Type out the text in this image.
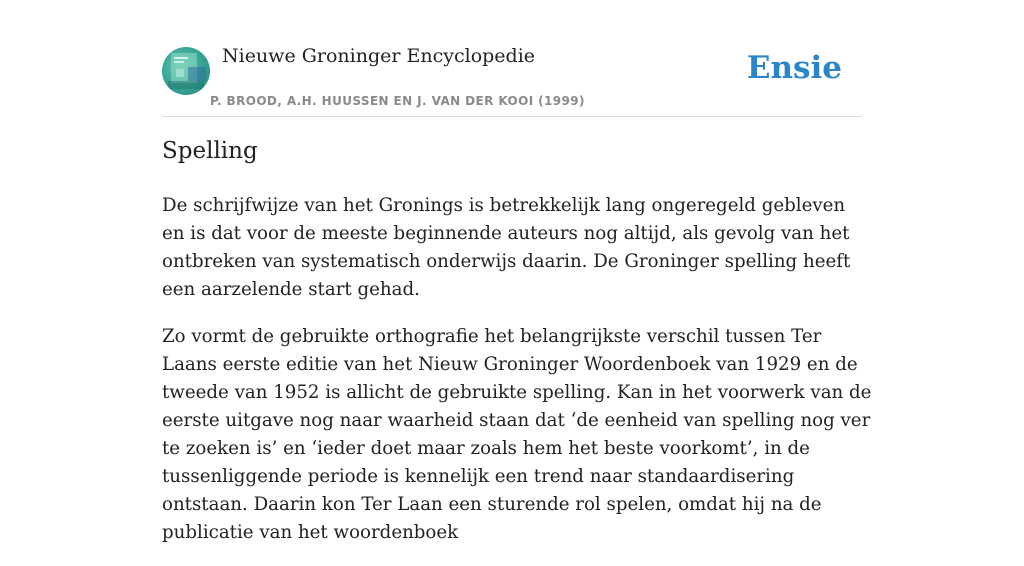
Nieuwe Groninger Encyclopedie
P. BROOD, A.H. HUUSSEN EN J. VAN DER KOOI (1999)
Ensie
Spelling

De schrijfwijze van het Gronings is betrekkelijk lang ongeregeld gebleven en is dat voor de meeste beginnende auteurs nog altijd, als gevolg van het ontbreken van systematisch onderwijs daarin. De Groninger spelling heeft een aarzelende start gehad.

Zo vormt de gebruikte orthografie het belangrijkste verschil tussen Ter Laans eerste editie van het Nieuw Groninger Woordenboek van 1929 en de tweede van 1952 is allicht de gebruikte spelling. Kan in het voorwerk van de eerste uitgave nog naar waarheid staan dat ‘de eenheid van spelling nog ver te zoeken is’ en ‘ieder doet maar zoals hem het beste voorkomt’, in de tussenliggende periode is kennelijk een trend naar standaardisering ontstaan. Daarin kon Ter Laan een sturende rol spelen, omdat hij na de publicatie van het woordenboek
